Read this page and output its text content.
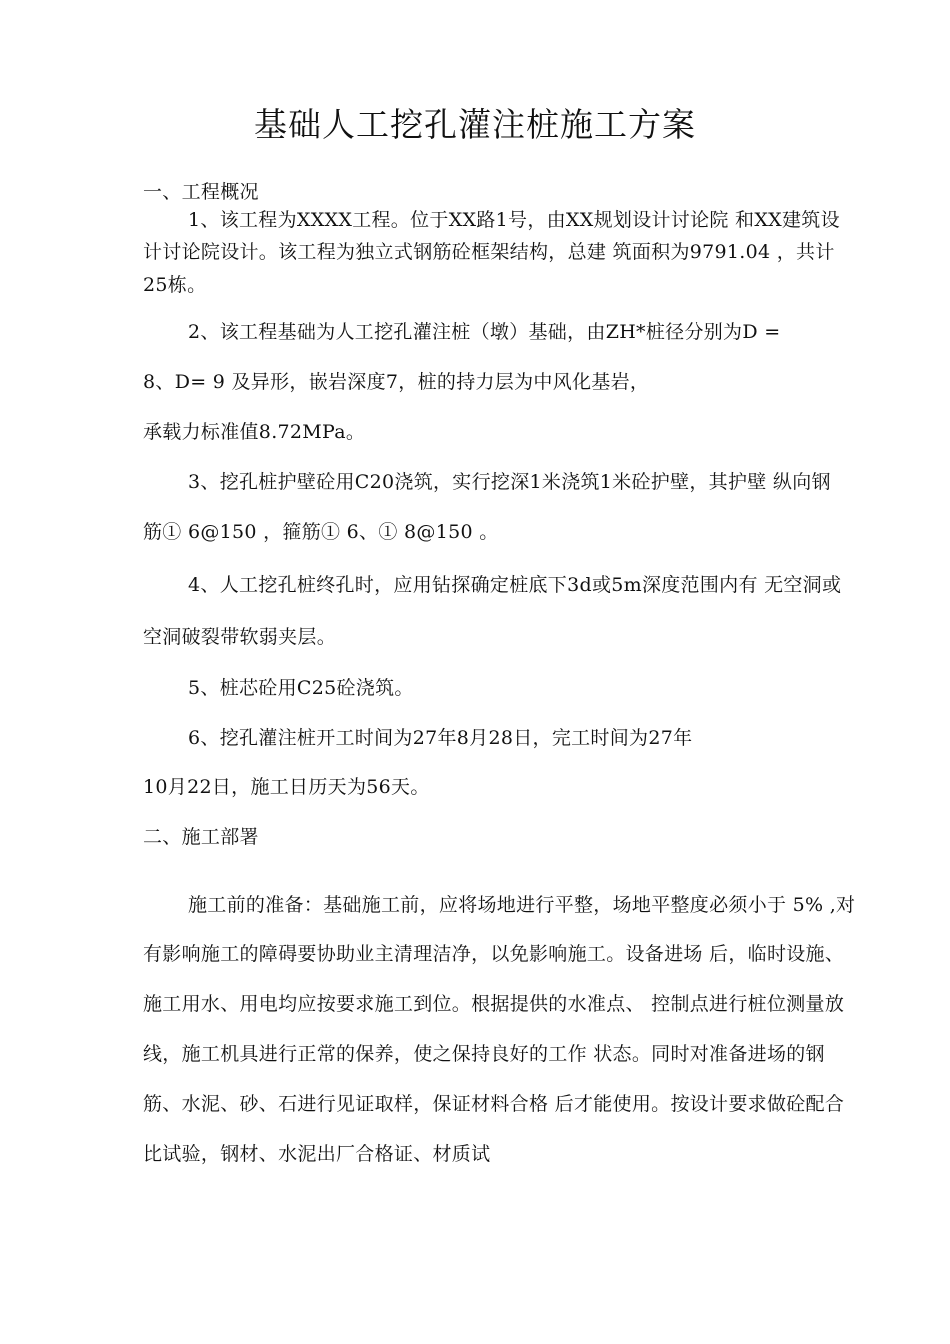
基础人工挖孔灌注桩施工方案
一、工程概况
1、该工程为XXXX工程。位于XX路1号，由XX规划设计讨论院 和XX建筑设
计讨论院设计。该工程为独立式钢筋砼框架结构，总建 筑面积为9791.04 ，共计
25栋。
2、该工程基础为人工挖孔灌注桩（墩）基础，由ZH*桩径分别为D =
8、D= 9 及异形，嵌岩深度7，桩的持力层为中风化基岩，
承载力标准值8.72MPa。
3、挖孔桩护壁砼用C20浇筑，实行挖深1米浇筑1米砼护壁，其护壁 纵向钢
筋① 6@150 ，箍筋① 6、① 8@150 。
4、人工挖孔桩终孔时，应用钻探确定桩底下3d或5m深度范围内有 无空洞或
空洞破裂带软弱夹层。
5、桩芯砼用C25砼浇筑。
6、挖孔灌注桩开工时间为27年8月28日，完工时间为27年
10月22日，施工日历天为56天。
二、施工部署
施工前的准备：基础施工前，应将场地进行平整，场地平整度必须小于 5% ,对
有影响施工的障碍要协助业主清理洁净，以免影响施工。设备进场 后，临时设施、
施工用水、用电均应按要求施工到位。根据提供的水准点、 控制点进行桩位测量放
线，施工机具进行正常的保养，使之保持良好的工作 状态。同时对准备进场的钢
筋、水泥、砂、石进行见证取样，保证材料合格 后才能使用。按设计要求做砼配合
比试验，钢材、水泥出厂合格证、材质试
